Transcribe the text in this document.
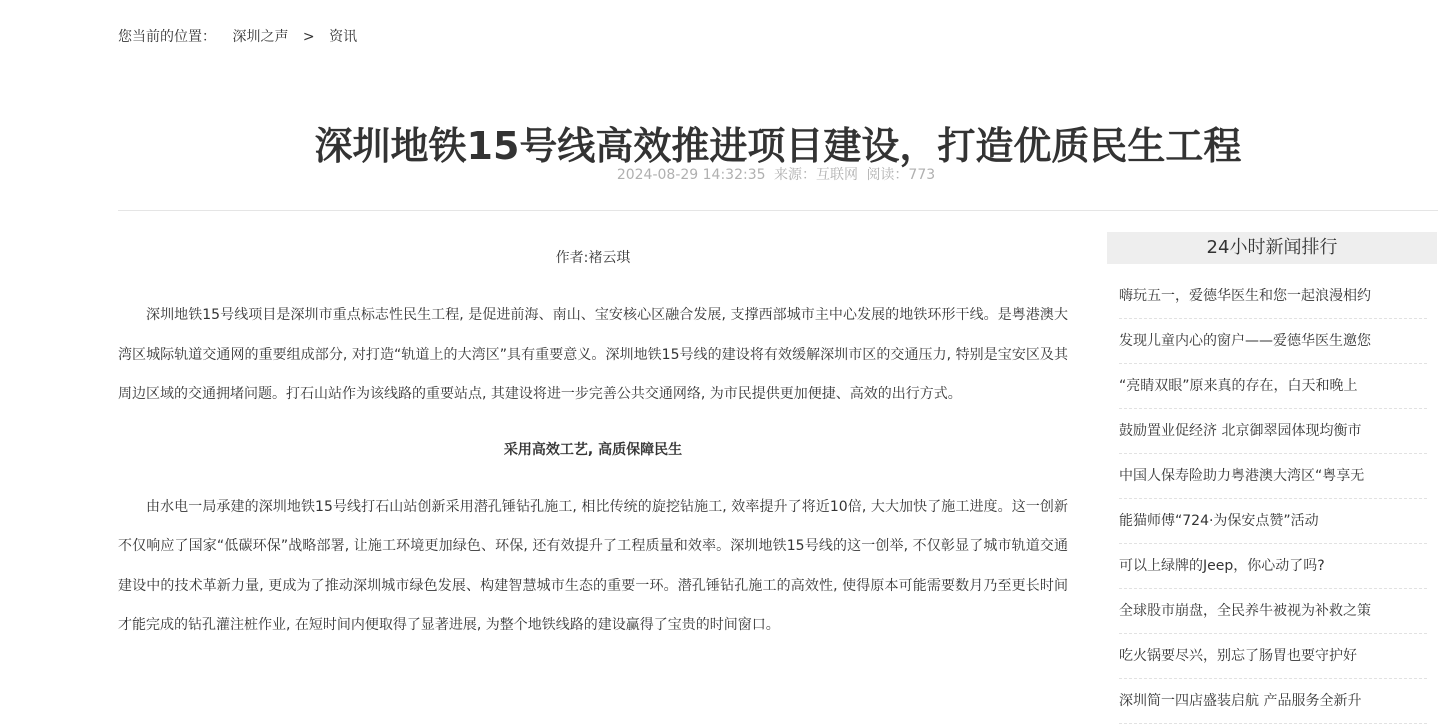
您当前的位置： 深圳之声 > 资讯
深圳地铁15号线高效推进项目建设，打造优质民生工程
2024-08-29 14:32:35 来源：互联网 阅读：773
作者:褚云琪

深圳地铁15号线项目是深圳市重点标志性民生工程, 是促进前海、南山、宝安核心区融合发展, 支撑西部城市主中心发展的地铁环形干线。是粤港澳大湾区城际轨道交通网的重要组成部分, 对打造“轨道上的大湾区”具有重要意义。深圳地铁15号线的建设将有效缓解深圳市区的交通压力, 特别是宝安区及其周边区域的交通拥堵问题。打石山站作为该线路的重要站点, 其建设将进一步完善公共交通网络, 为市民提供更加便捷、高效的出行方式。

采用高效工艺, 高质保障民生

由水电一局承建的深圳地铁15号线打石山站创新采用潜孔锤钻孔施工, 相比传统的旋挖钻施工, 效率提升了将近10倍, 大大加快了施工进度。这一创新不仅响应了国家“低碳环保”战略部署, 让施工环境更加绿色、环保, 还有效提升了工程质量和效率。深圳地铁15号线的这一创举, 不仅彰显了城市轨道交通建设中的技术革新力量, 更成为了推动深圳城市绿色发展、构建智慧城市生态的重要一环。潜孔锤钻孔施工的高效性, 使得原本可能需要数月乃至更长时间才能完成的钻孔灌注桩作业, 在短时间内便取得了显著进展, 为整个地铁线路的建设赢得了宝贵的时间窗口。

24小时新闻排行
嗨玩五一，爱德华医生和您一起浪漫相约
发现儿童内心的窗户——爱德华医生邀您
“亮睛双眼”原来真的存在，白天和晚上
鼓励置业促经济 北京御翠园体现均衡市
中国人保寿险助力粤港澳大湾区“粤享无
能猫师傅“724·为保安点赞”活动
可以上绿牌的Jeep，你心动了吗?
全球股市崩盘，全民养牛被视为补救之策
吃火锅要尽兴，别忘了肠胃也要守护好
深圳简一四店盛装启航 产品服务全新升
